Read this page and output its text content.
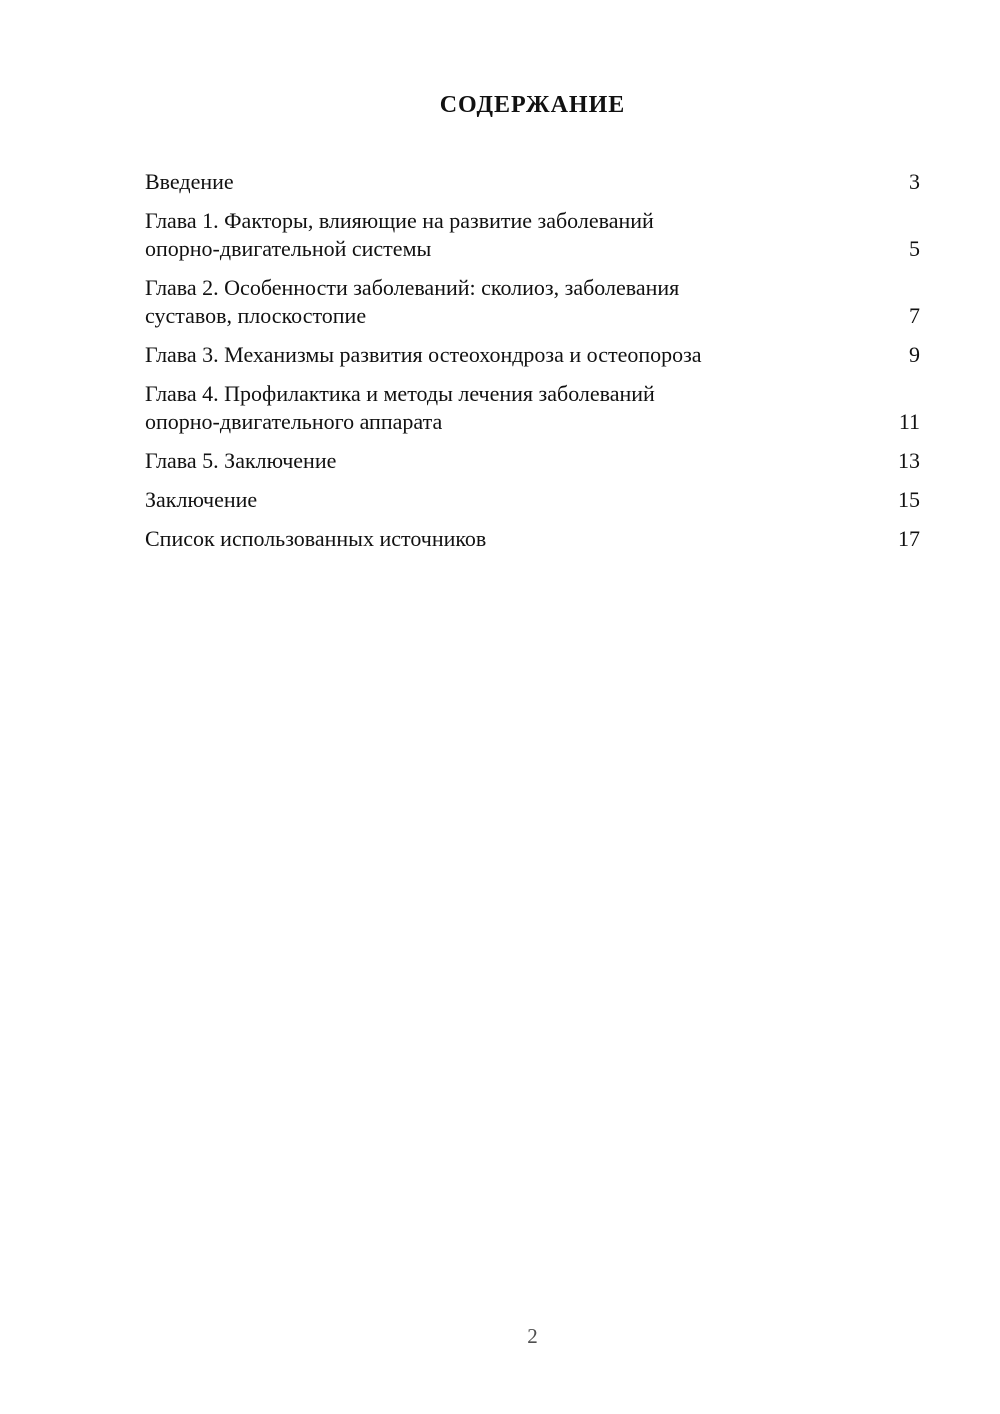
СОДЕРЖАНИЕ
Введение	3
Глава 1. Факторы, влияющие на развитие заболеваний
опорно-двигательной системы	5
Глава 2. Особенности заболеваний: сколиоз, заболевания
суставов, плоскостопие	7
Глава 3. Механизмы развития остеохондроза и остеопороза	9
Глава 4. Профилактика и методы лечения заболеваний
опорно-двигательного аппарата	11
Глава 5. Заключение	13
Заключение	15
Список использованных источников	17
2
